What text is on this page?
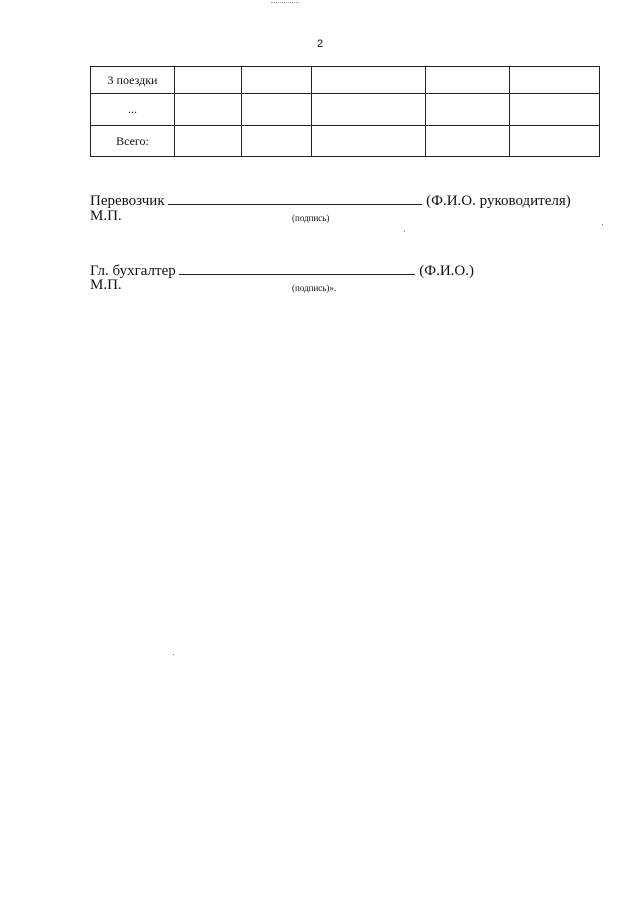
2
3 поездки					
...					
Всего:					
Перевозчик	(Ф.И.О. руководителя)
М.П.	(подпись)
Гл. бухгалтер	(Ф.И.О.)
М.П.	(подпись)».
